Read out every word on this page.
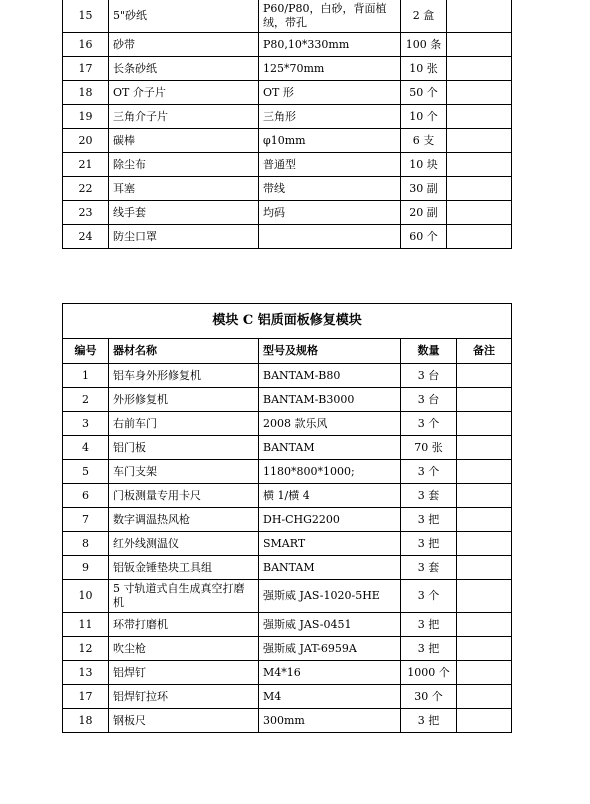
15	5"砂纸	P60/P80，白砂，背面植绒，带孔	2 盒	
16	砂带	P80,10*330mm	100 条	
17	长条砂纸	125*70mm	10 张	
18	OT 介子片	OT 形	50 个	
19	三角介子片	三角形	10 个	
20	碳棒	φ10mm	6 支	
21	除尘布	普通型	10 块	
22	耳塞	带线	30 副	
23	线手套	均码	20 副	
24	防尘口罩		60 个	
模块 C 铝质面板修复模块				
编号	器材名称	型号及规格	数量	备注
1	铝车身外形修复机	BANTAM-B80	3 台	
2	外形修复机	BANTAM-B3000	3 台	
3	右前车门	2008 款乐风	3 个	
4	铝门板	BANTAM	70 张	
5	车门支架	1180*800*1000;	3 个	
6	门板测量专用卡尺	横 1/横 4	3 套	
7	数字调温热风枪	DH-CHG2200	3 把	
8	红外线测温仪	SMART	3 把	
9	铝钣金锤垫块工具组	BANTAM	3 套	
10	5 寸轨道式自生成真空打磨机	强斯威 JAS-1020-5HE	3 个	
11	环带打磨机	强斯威 JAS-0451	3 把	
12	吹尘枪	强斯威 JAT-6959A	3 把	
13	铝焊钉	M4*16	1000 个	
17	铝焊钉拉环	M4	30 个	
18	钢板尺	300mm	3 把	
